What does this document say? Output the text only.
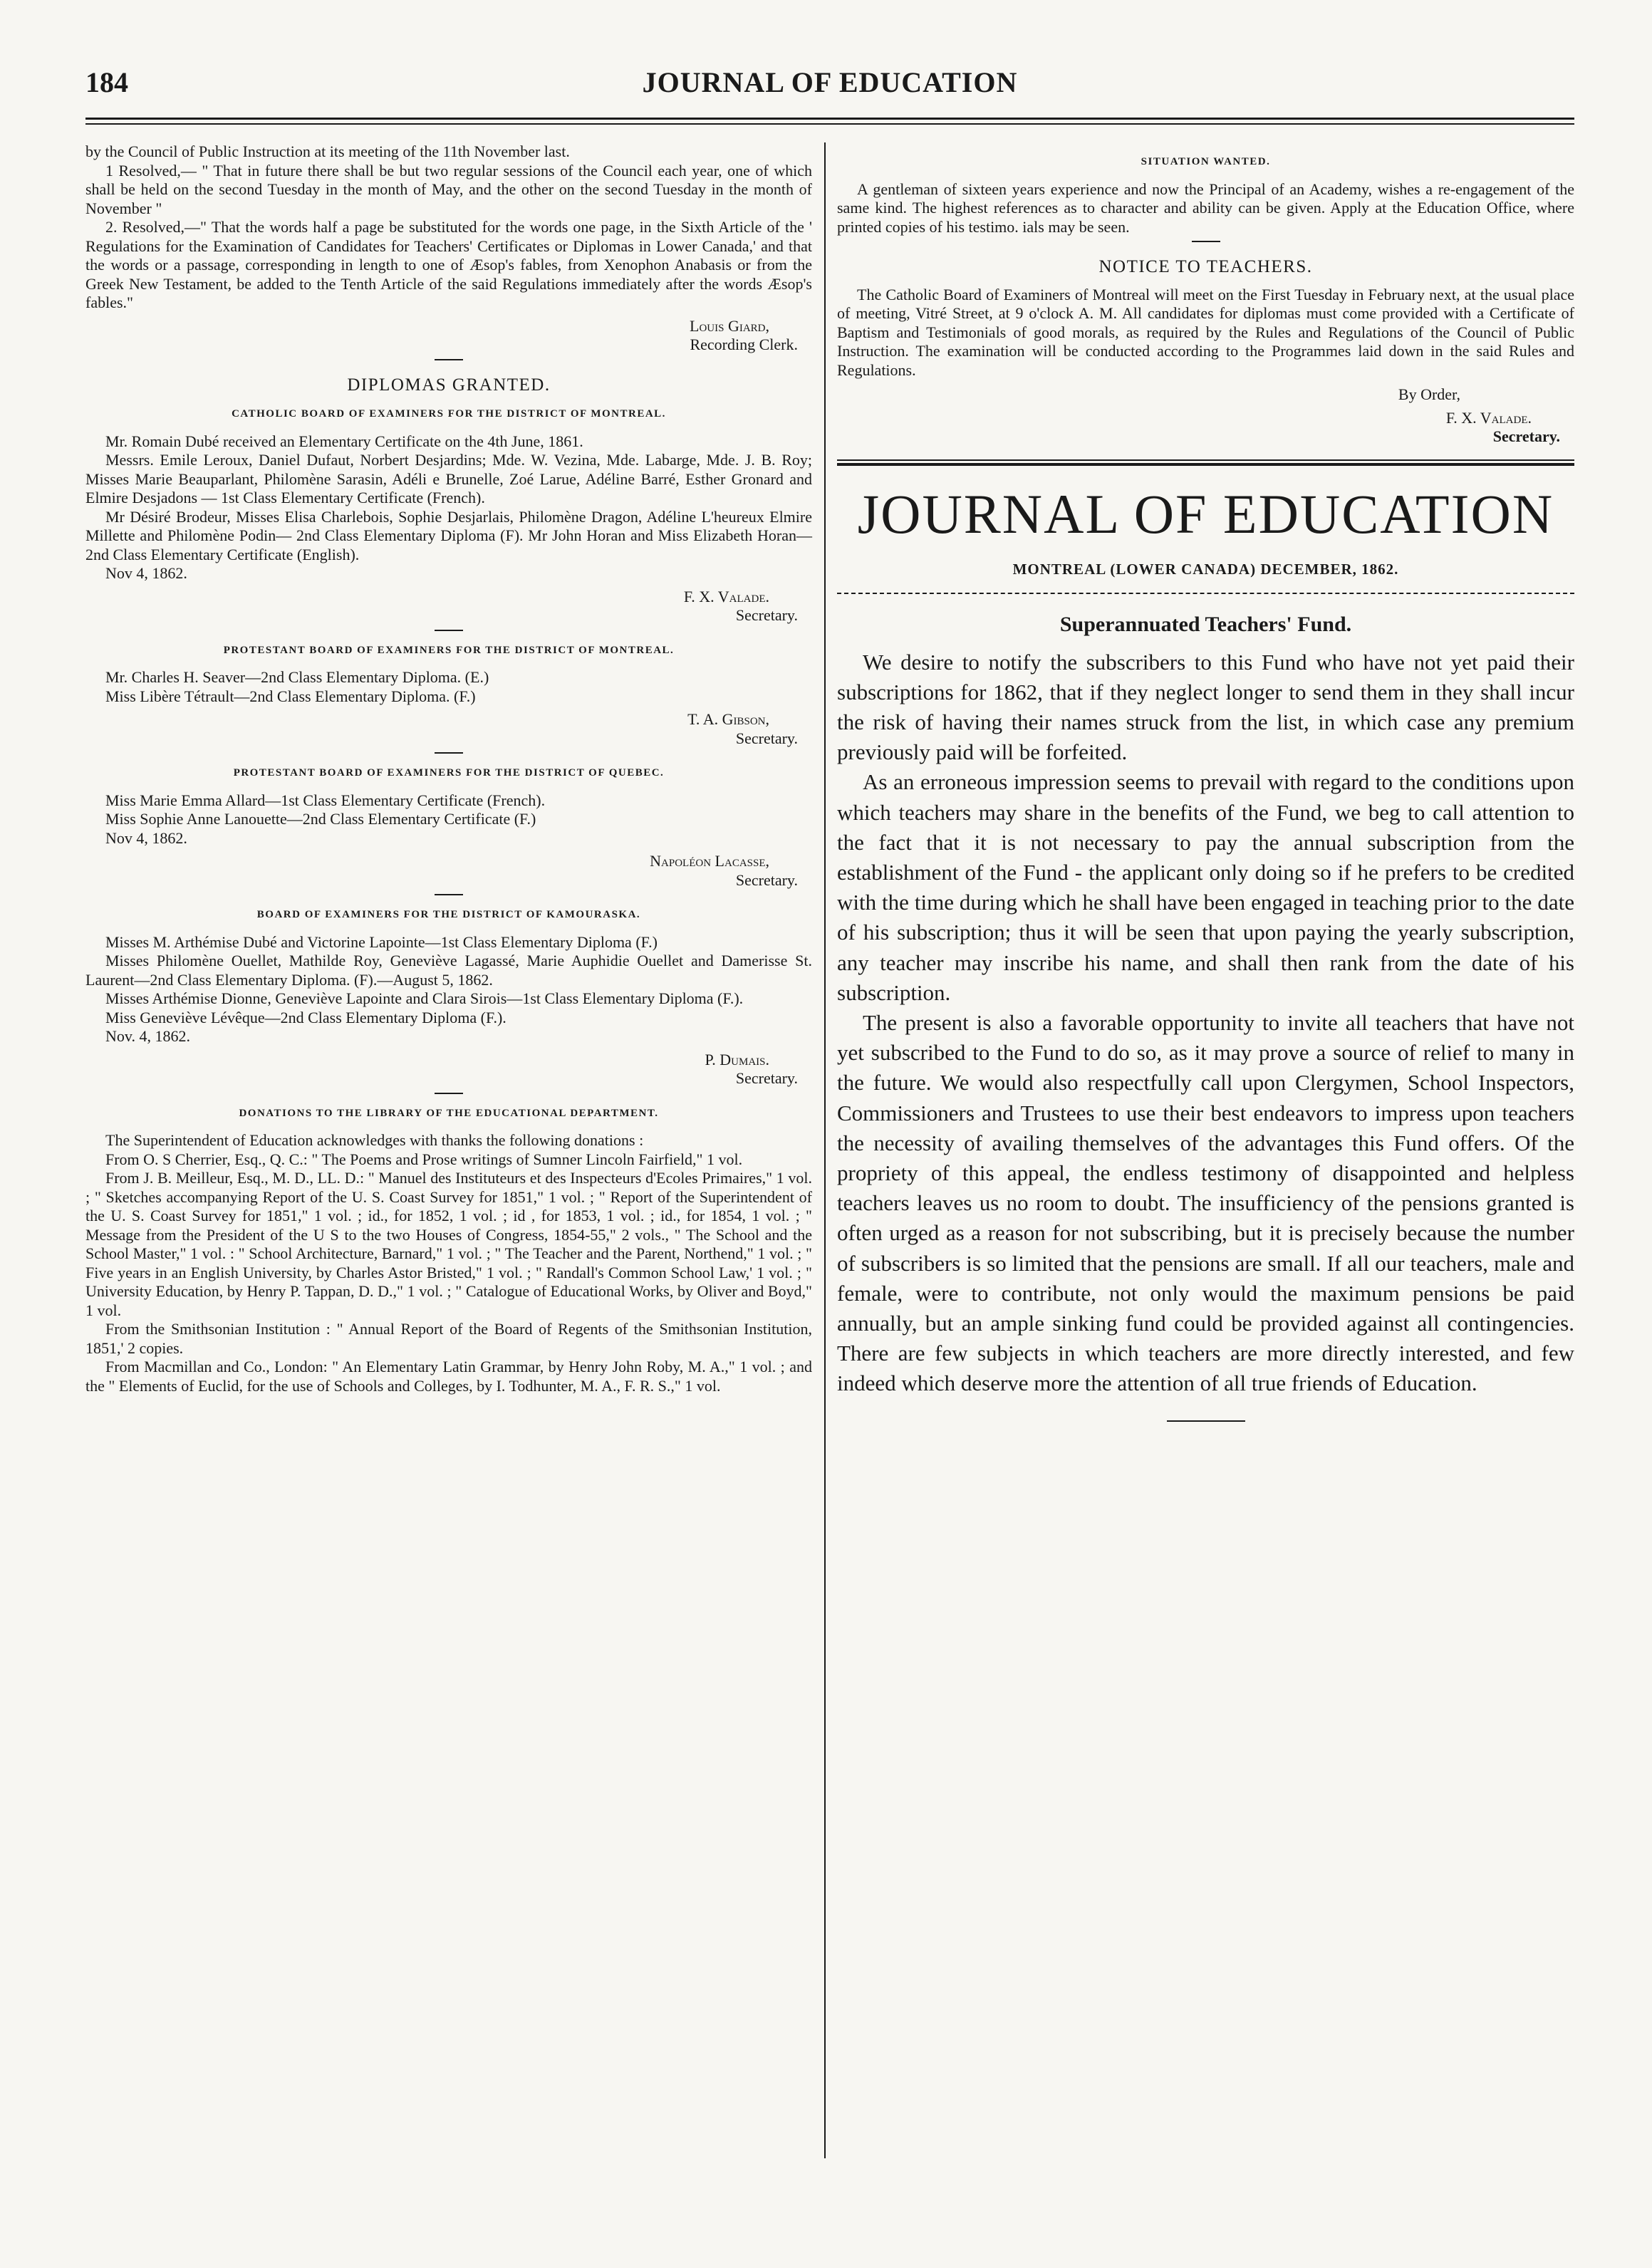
184	JOURNAL OF EDUCATION

by the Council of Public Instruction at its meeting of the 11th November last.

1 Resolved,— " That in future there shall be but two regular sessions of the Council each year, one of which shall be held on the second Tuesday in the month of May, and the other on the second Tuesday in the month of November "

2. Resolved,—" That the words half a page be substituted for the words one page, in the Sixth Article of the ' Regulations for the Examination of Candidates for Teachers' Certificates or Diplomas in Lower Canada,' and that the words or a passage, corresponding in length to one of Æsop's fables, from Xenophon Anabasis or from the Greek New Testament, be added to the Tenth Article of the said Regulations immediately after the words Æsop's fables."

Louis Giard,

Recording Clerk.

DIPLOMAS GRANTED.
CATHOLIC BOARD OF EXAMINERS FOR THE DISTRICT OF MONTREAL.

Mr. Romain Dubé received an Elementary Certificate on the 4th June, 1861.

Messrs. Emile Leroux, Daniel Dufaut, Norbert Desjardins; Mde. W. Vezina, Mde. Labarge, Mde. J. B. Roy; Misses Marie Beauparlant, Philomène Sarasin, Adéli e Brunelle, Zoé Larue, Adéline Barré, Esther Gronard and Elmire Desjadons — 1st Class Elementary Certificate (French).

Mr Désiré Brodeur, Misses Elisa Charlebois, Sophie Desjarlais, Philomène Dragon, Adéline L'heureux Elmire Millette and Philomène Podin— 2nd Class Elementary Diploma (F). Mr John Horan and Miss Elizabeth Horan—2nd Class Elementary Certificate (English).

Nov 4, 1862.

F. X. Valade.

Secretary.

PROTESTANT BOARD OF EXAMINERS FOR THE DISTRICT OF MONTREAL.

Mr. Charles H. Seaver—2nd Class Elementary Diploma. (E.)

Miss Libère Tétrault—2nd Class Elementary Diploma. (F.)

T. A. Gibson,

Secretary.

PROTESTANT BOARD OF EXAMINERS FOR THE DISTRICT OF QUEBEC.

Miss Marie Emma Allard—1st Class Elementary Certificate (French).

Miss Sophie Anne Lanouette—2nd Class Elementary Certificate (F.)

Nov 4, 1862.

Napoléon Lacasse,

Secretary.

BOARD OF EXAMINERS FOR THE DISTRICT OF KAMOURASKA.

Misses M. Arthémise Dubé and Victorine Lapointe—1st Class Elementary Diploma (F.)

Misses Philomène Ouellet, Mathilde Roy, Geneviève Lagassé, Marie Auphidie Ouellet and Damerisse St. Laurent—2nd Class Elementary Diploma. (F).—August 5, 1862.

Misses Arthémise Dionne, Geneviève Lapointe and Clara Sirois—1st Class Elementary Diploma (F.).

Miss Geneviève Lévêque—2nd Class Elementary Diploma (F.).

Nov. 4, 1862.

P. Dumais.

Secretary.

DONATIONS TO THE LIBRARY OF THE EDUCATIONAL DEPARTMENT.

The Superintendent of Education acknowledges with thanks the following donations :

From O. S Cherrier, Esq., Q. C.: " The Poems and Prose writings of Sumner Lincoln Fairfield," 1 vol.

From J. B. Meilleur, Esq., M. D., LL. D.: " Manuel des Instituteurs et des Inspecteurs d'Ecoles Primaires," 1 vol. ; " Sketches accompanying Report of the U. S. Coast Survey for 1851," 1 vol. ; " Report of the Superintendent of the U. S. Coast Survey for 1851," 1 vol. ; id., for 1852, 1 vol. ; id , for 1853, 1 vol. ; id., for 1854, 1 vol. ; " Message from the President of the U S to the two Houses of Congress, 1854-55," 2 vols., " The School and the School Master," 1 vol. : " School Architecture, Barnard," 1 vol. ; " The Teacher and the Parent, Northend," 1 vol. ; " Five years in an English University, by Charles Astor Bristed," 1 vol. ; " Randall's Common School Law,' 1 vol. ; " University Education, by Henry P. Tappan, D. D.," 1 vol. ; " Catalogue of Educational Works, by Oliver and Boyd," 1 vol.

From the Smithsonian Institution : " Annual Report of the Board of Regents of the Smithsonian Institution, 1851,' 2 copies.

From Macmillan and Co., London: " An Elementary Latin Grammar, by Henry John Roby, M. A.," 1 vol. ; and the " Elements of Euclid, for the use of Schools and Colleges, by I. Todhunter, M. A., F. R. S.," 1 vol.

SITUATION WANTED.

A gentleman of sixteen years experience and now the Principal of an Academy, wishes a re-engagement of the same kind. The highest references as to character and ability can be given. Apply at the Education Office, where printed copies of his testimo. ials may be seen.

NOTICE TO TEACHERS.

The Catholic Board of Examiners of Montreal will meet on the First Tuesday in February next, at the usual place of meeting, Vitré Street, at 9 o'clock A. M. All candidates for diplomas must come provided with a Certificate of Baptism and Testimonials of good morals, as required by the Rules and Regulations of the Council of Public Instruction. The examination will be conducted according to the Programmes laid down in the said Rules and Regulations.

By Order,

F. X. Valade.

Secretary.

JOURNAL OF EDUCATION
MONTREAL (LOWER CANADA) DECEMBER, 1862.
Superannuated Teachers' Fund.

We desire to notify the subscribers to this Fund who have not yet paid their subscriptions for 1862, that if they neglect longer to send them in they shall incur the risk of having their names struck from the list, in which case any premium previously paid will be forfeited.

As an erroneous impression seems to prevail with regard to the conditions upon which teachers may share in the benefits of the Fund, we beg to call attention to the fact that it is not necessary to pay the annual subscription from the establishment of the Fund - the applicant only doing so if he prefers to be credited with the time during which he shall have been engaged in teaching prior to the date of his subscription; thus it will be seen that upon paying the yearly subscription, any teacher may inscribe his name, and shall then rank from the date of his subscription.

The present is also a favorable opportunity to invite all teachers that have not yet subscribed to the Fund to do so, as it may prove a source of relief to many in the future. We would also respectfully call upon Clergymen, School Inspectors, Commissioners and Trustees to use their best endeavors to impress upon teachers the necessity of availing themselves of the advantages this Fund offers. Of the propriety of this appeal, the endless testimony of disappointed and helpless teachers leaves us no room to doubt. The insufficiency of the pensions granted is often urged as a reason for not subscribing, but it is precisely because the number of subscribers is so limited that the pensions are small. If all our teachers, male and female, were to contribute, not only would the maximum pensions be paid annually, but an ample sinking fund could be provided against all contingencies. There are few subjects in which teachers are more directly interested, and few indeed which deserve more the attention of all true friends of Education.
